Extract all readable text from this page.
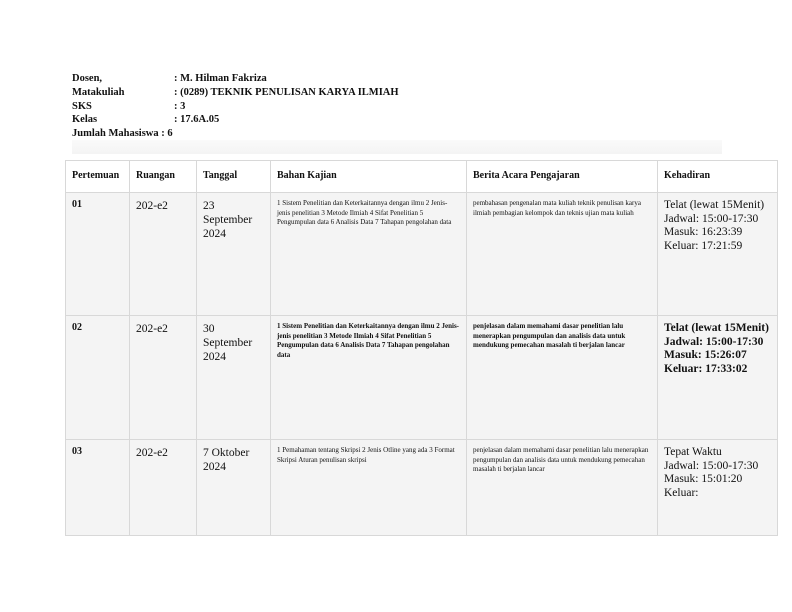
Dosen,	: M. Hilman Fakriza
Matakuliah	: (0289) TEKNIK PENULISAN KARYA ILMIAH
SKS	: 3
Kelas	: 17.6A.05
Jumlah Mahasiswa : 6
Pertemuan	Ruangan	Tanggal	Bahan Kajian	Berita Acara Pengajaran	Kehadiran
01	202-e2	23 September 2024	1 Sistem Penelitian dan Keterkaitannya dengan ilmu 2 Jenis-jenis penelitian 3 Metode Ilmiah 4 Sifat Penelitian 5 Pengumpulan data 6 Analisis Data 7 Tahapan pengolahan data	pembahasan pengenalan mata kuliah teknik penulisan karya ilmiah pembagian kelompok dan teknis ujian mata kuliah	Telat (lewat 15Menit)
Jadwal: 15:00-17:30
Masuk: 16:23:39
Keluar: 17:21:59

02	202-e2	30 September 2024	1 Sistem Penelitian dan Keterkaitannya dengan ilmu 2 Jenis-jenis penelitian 3 Metode Ilmiah 4 Sifat Penelitian 5 Pengumpulan data 6 Analisis Data 7 Tahapan pengolahan data	penjelasan dalam memahami dasar penelitian lalu menerapkan pengumpulan dan analisis data untuk mendukung pemecahan masalah ti berjalan lancar	Telat (lewat 15Menit)
Jadwal: 15:00-17:30
Masuk: 15:26:07
Keluar: 17:33:02

03	202-e2	7 Oktober 2024	1 Pemahaman tentang Skripsi 2 Jenis Otline yang ada 3 Format Skripsi Aturan penulisan skripsi	penjelasan dalam memahami dasar penelitian lalu menerapkan pengumpulan dan analisis data untuk mendukung pemecahan masalah ti berjalan lancar	Tepat Waktu
Jadwal: 15:00-17:30
Masuk: 15:01:20
Keluar:
